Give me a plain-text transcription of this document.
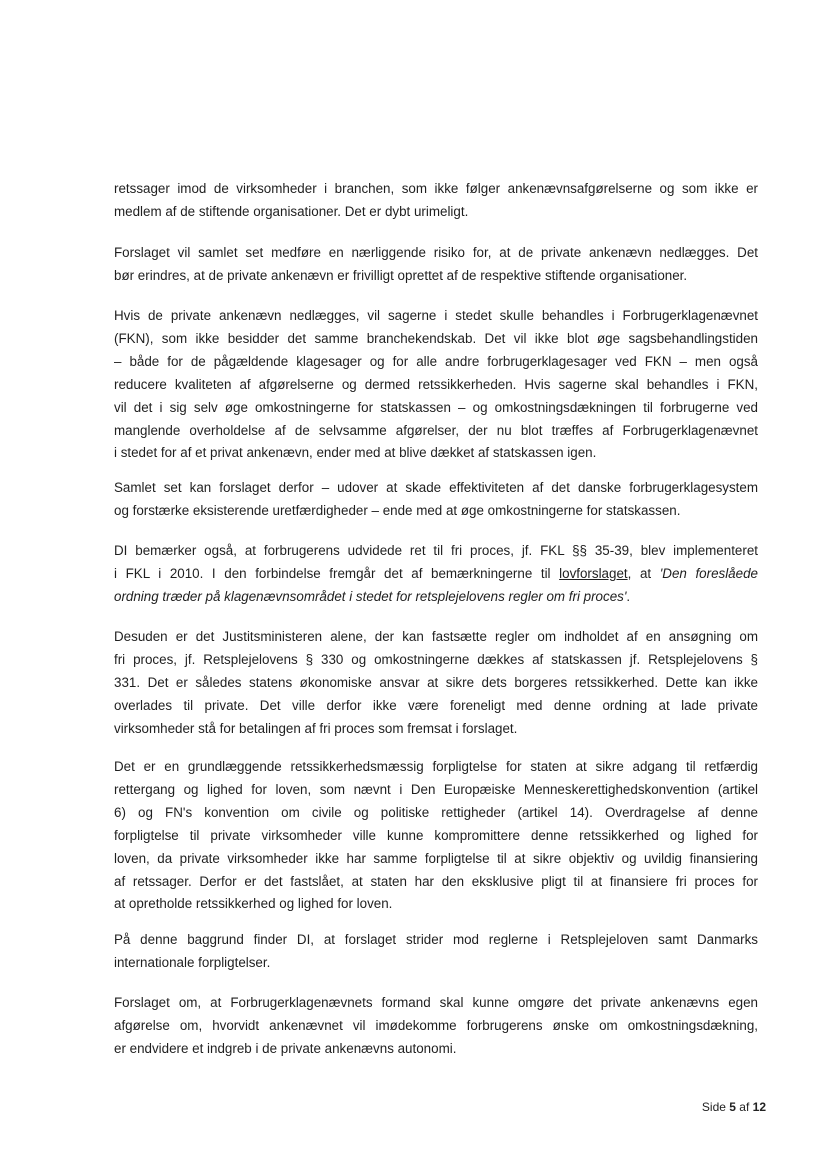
retssager imod de virksomheder i branchen, som ikke følger ankenævnsafgørelserne og som ikke er
medlem af de stiftende organisationer. Det er dybt urimeligt.

Forslaget vil samlet set medføre en nærliggende risiko for, at de private ankenævn nedlægges. Det
bør erindres, at de private ankenævn er frivilligt oprettet af de respektive stiftende organisationer.

Hvis de private ankenævn nedlægges, vil sagerne i stedet skulle behandles i Forbrugerklagenævnet
(FKN), som ikke besidder det samme branchekendskab. Det vil ikke blot øge sagsbehandlingstiden
– både for de pågældende klagesager og for alle andre forbrugerklagesager ved FKN – men også
reducere kvaliteten af afgørelserne og dermed retssikkerheden. Hvis sagerne skal behandles i FKN,
vil det i sig selv øge omkostningerne for statskassen – og omkostningsdækningen til forbrugerne ved
manglende overholdelse af de selvsamme afgørelser, der nu blot træffes af Forbrugerklagenævnet
i stedet for af et privat ankenævn, ender med at blive dækket af statskassen igen.

Samlet set kan forslaget derfor – udover at skade effektiviteten af det danske forbrugerklagesystem
og forstærke eksisterende uretfærdigheder – ende med at øge omkostningerne for statskassen.

DI bemærker også, at forbrugerens udvidede ret til fri proces, jf. FKL §§ 35-39, blev implementeret
i FKL i 2010. I den forbindelse fremgår det af bemærkningerne til lovforslaget, at 'Den foreslåede
ordning træder på klagenævnsområdet i stedet for retsplejelovens regler om fri proces'.

Desuden er det Justitsministeren alene, der kan fastsætte regler om indholdet af en ansøgning om
fri proces, jf. Retsplejelovens § 330 og omkostningerne dækkes af statskassen jf. Retsplejelovens §
331. Det er således statens økonomiske ansvar at sikre dets borgeres retssikkerhed. Dette kan ikke
overlades til private. Det ville derfor ikke være foreneligt med denne ordning at lade private
virksomheder stå for betalingen af fri proces som fremsat i forslaget.

Det er en grundlæggende retssikkerhedsmæssig forpligtelse for staten at sikre adgang til retfærdig
rettergang og lighed for loven, som nævnt i Den Europæiske Menneskerettighedskonvention (artikel
6) og FN's konvention om civile og politiske rettigheder (artikel 14). Overdragelse af denne
forpligtelse til private virksomheder ville kunne kompromittere denne retssikkerhed og lighed for
loven, da private virksomheder ikke har samme forpligtelse til at sikre objektiv og uvildig finansiering
af retssager. Derfor er det fastslået, at staten har den eksklusive pligt til at finansiere fri proces for
at opretholde retssikkerhed og lighed for loven.

På denne baggrund finder DI, at forslaget strider mod reglerne i Retsplejeloven samt Danmarks
internationale forpligtelser.

Forslaget om, at Forbrugerklagenævnets formand skal kunne omgøre det private ankenævns egen
afgørelse om, hvorvidt ankenævnet vil imødekomme forbrugerens ønske om omkostningsdækning,
er endvidere et indgreb i de private ankenævns autonomi.

Side 5 af 12
